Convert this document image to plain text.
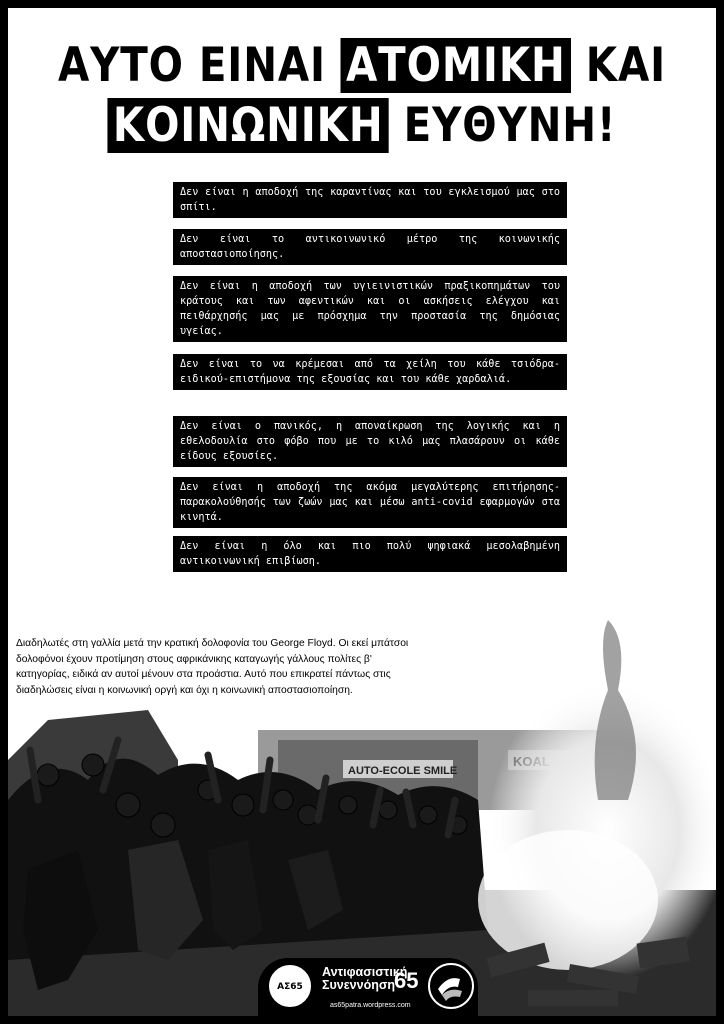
ΑΥΤΟ ΕΙΝΑΙ ΑΤΟΜΙΚΗ ΚΑΙ
ΚΟΙΝΩΝΙΚΗ ΕΥΘΥΝΗ!
Δεν είναι η αποδοχή της καραντίνας και του εγκλεισμού μας στο σπίτι.
Δεν είναι το αντικοινωνικό μέτρο της κοινωνικής αποστασιοποίησης.
Δεν είναι η αποδοχή των υγιεινιστικών πραξικοπημάτων του κράτους και των αφεντικών και οι ασκήσεις ελέγχου και πειθάρχησής μας με πρόσχημα την προστασία της δημόσιας υγείας.
Δεν είναι το να κρέμεσαι από τα χείλη του κάθε τσιόδρα-ειδικού-επιστήμονα της εξουσίας και του κάθε χαρδαλιά.
Δεν είναι ο πανικός, η αποναίκρωση της λογικής και η εθελοδουλία στο φόβο που με το κιλό μας πλασάρουν οι κάθε είδους εξουσίες.
Δεν είναι η αποδοχή της ακόμα μεγαλύτερης επιτήρησης-παρακολούθησής των ζωών μας και μέσω anti-covid εφαρμογών στα κινητά.
Δεν είναι η όλο και πιο πολύ ψηφιακά μεσολαβημένη αντικοινωνική επιβίωση.
AUTO-ECOLE SMILE
Διαδηλωτές στη γαλλία μετά την κρατική δολοφονία του George Floyd. Οι εκεί μπάτσοι δολοφόνοι έχουν προτίμηση στους αφρικάνικης καταγωγής γάλλους πολίτες β' κατηγορίας, ειδικά αν αυτοί μένουν στα προάστια. Αυτό που επικρατεί πάντως στις διαδηλώσεις είναι η κοινωνική οργή και όχι η κοινωνική αποστασιοποίηση.
ΑΣ65
Αντιφασιστική
Συνεννόηση
65
as65patra.wordpress.com
